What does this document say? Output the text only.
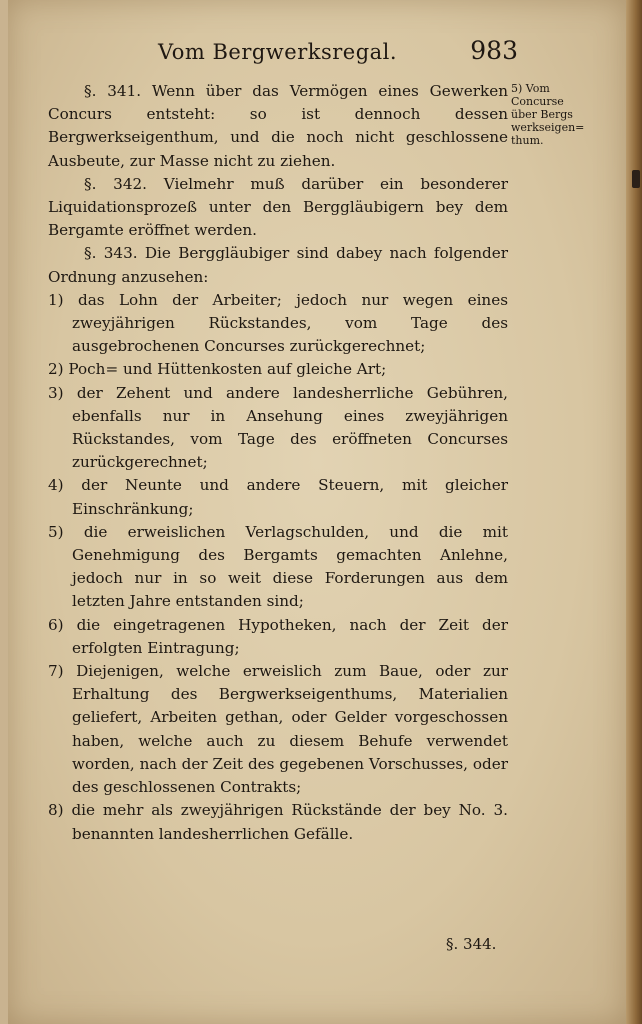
Vom Bergwerksregal.	983
5) Vom
Concurse
über Bergs
werkseigen=
thum.

§. 341. Wenn über das Vermögen eines Gewerken Concurs entsteht: so ist dennoch dessen Bergwerkseigenthum, und die noch nicht geschlossene Ausbeute, zur Masse nicht zu ziehen.

§. 342. Vielmehr muß darüber ein besonderer Liquidationsprozeß unter den Berggläubigern bey dem Bergamte eröffnet werden.

§. 343. Die Berggläubiger sind dabey nach folgender Ordnung anzusehen:

1) das Lohn der Arbeiter; jedoch nur wegen eines zweyjährigen Rückstandes, vom Tage des ausgebrochenen Concurses zurückgerechnet;

2) Poch= und Hüttenkosten auf gleiche Art;

3) der Zehent und andere landesherrliche Gebühren, ebenfalls nur in Ansehung eines zweyjährigen Rückstandes, vom Tage des eröffneten Concurses zurückgerechnet;

4) der Neunte und andere Steuern, mit gleicher Einschränkung;

5) die erweislichen Verlagschulden, und die mit Genehmigung des Bergamts gemachten Anlehne, jedoch nur in so weit diese Forderungen aus dem letzten Jahre entstanden sind;

6) die eingetragenen Hypotheken, nach der Zeit der erfolgten Eintragung;

7) Diejenigen, welche erweislich zum Baue, oder zur Erhaltung des Bergwerkseigenthums, Materialien geliefert, Arbeiten gethan, oder Gelder vorgeschossen haben, welche auch zu diesem Behufe verwendet worden, nach der Zeit des gegebenen Vorschusses, oder des geschlossenen Contrakts;

8) die mehr als zweyjährigen Rückstände der bey No. 3. benannten landesherrlichen Gefälle.

§. 344.
